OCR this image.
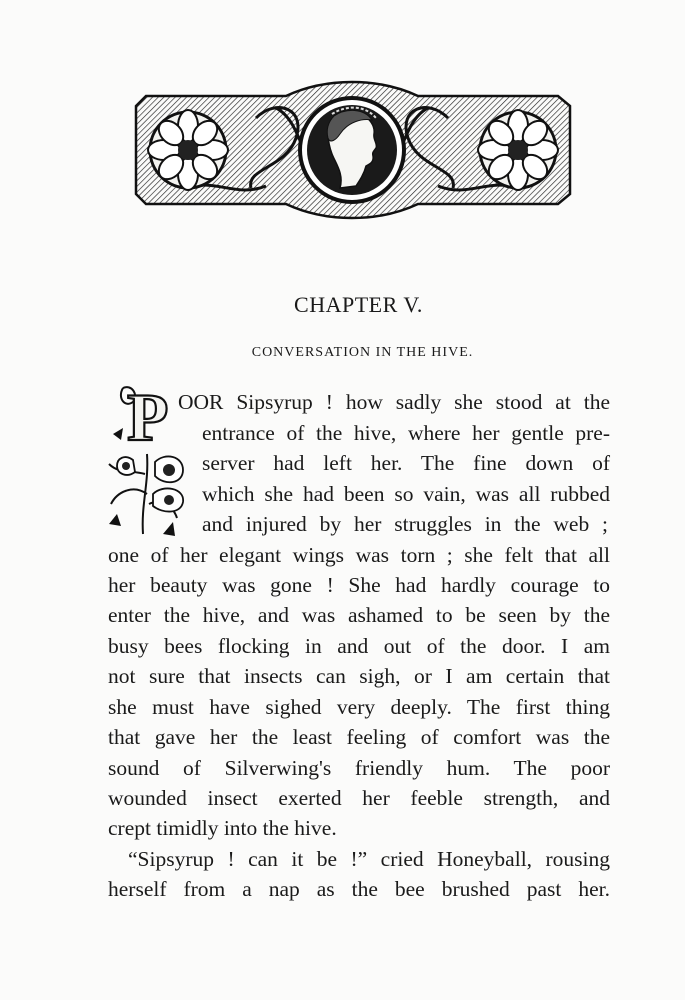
CHAPTER V.
CONVERSATION IN THE HIVE.
P OOR Sipsyrup ! how sadly she stood at the
entrance of the hive, where her gentle pre-
server had left her. The fine down of
which she had been so vain, was all rubbed
and injured by her struggles in the web ;
one of her elegant wings was torn ; she felt that all
her beauty was gone ! She had hardly courage to
enter the hive, and was ashamed to be seen by the
busy bees flocking in and out of the door. I am
not sure that insects can sigh, or I am certain that
she must have sighed very deeply. The first thing
that gave her the least feeling of comfort was the
sound of Silverwing's friendly hum. The poor
wounded insect exerted her feeble strength, and
crept timidly into the hive.
“Sipsyrup ! can it be !” cried Honeyball, rousing
herself from a nap as the bee brushed past her.
